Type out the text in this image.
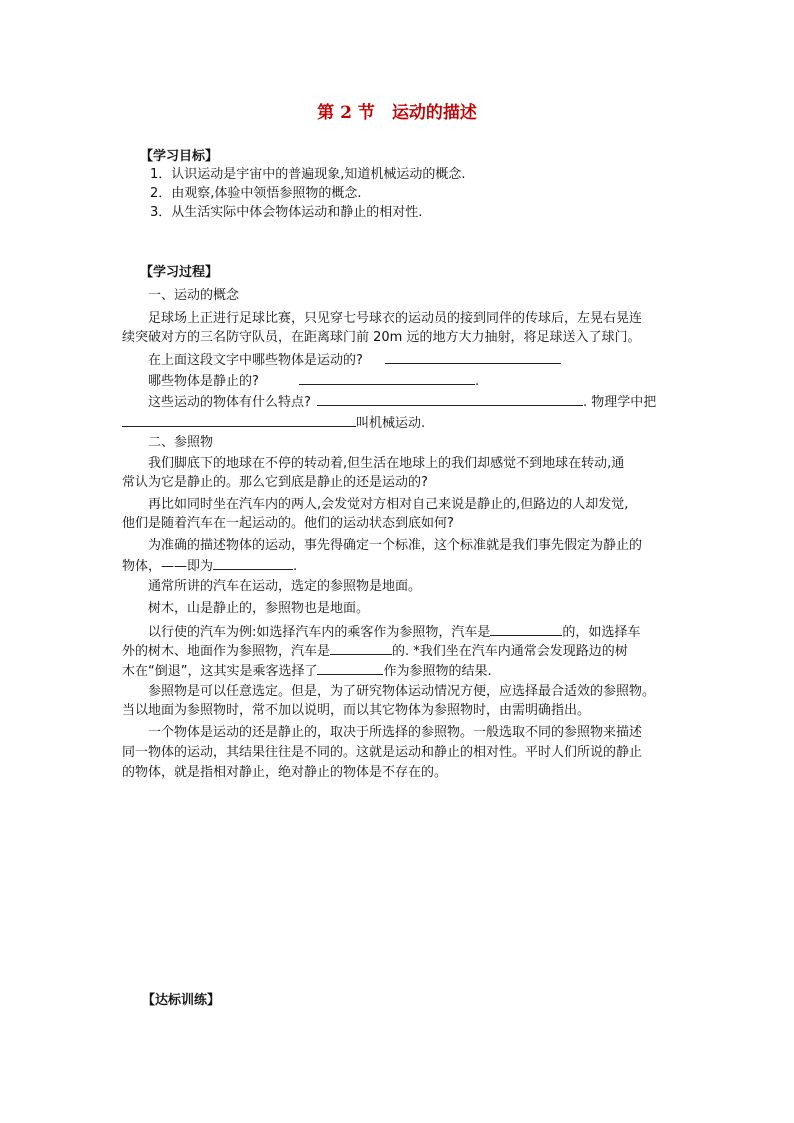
第 2 节　运动的描述
【学习目标】
1．认识运动是宇宙中的普遍现象,知道机械运动的概念.
2．由观察,体验中领悟参照物的概念.
3．从生活实际中体会物体运动和静止的相对性.
【学习过程】
一、运动的概念
足球场上正进行足球比赛，只见穿七号球衣的运动员的接到同伴的传球后，左晃右晃连
续突破对方的三名防守队员，在距离球门前 20m 远的地方大力抽射，将足球送入了球门。
在上面这段文字中哪些物体是运动的?
哪些物体是静止的?	.
这些运动的物体有什么特点?	. 物理学中把
叫机械运动.
二、参照物
我们脚底下的地球在不停的转动着,但生活在地球上的我们却感觉不到地球在转动,通
常认为它是静止的。那么它到底是静止的还是运动的?
再比如同时坐在汽车内的两人,会发觉对方相对自己来说是静止的,但路边的人却发觉,
他们是随着汽车在一起运动的。他们的运动状态到底如何?
为准确的描述物体的运动，事先得确定一个标准，这个标准就是我们事先假定为静止的
物体，——即为	.
通常所讲的汽车在运动，选定的参照物是地面。
树木，山是静止的，参照物也是地面。
以行使的汽车为例:如选择汽车内的乘客作为参照物，汽车是	的，如选择车
外的树木、地面作为参照物，汽车是	的. *我们坐在汽车内通常会发现路边的树
木在“倒退”，这其实是乘客选择了	作为参照物的结果.
参照物是可以任意选定。但是，为了研究物体运动情况方便，应选择最合适效的参照物。
当以地面为参照物时，常不加以说明，而以其它物体为参照物时，由需明确指出。
一个物体是运动的还是静止的，取决于所选择的参照物。一般选取不同的参照物来描述
同一物体的运动，其结果往往是不同的。这就是运动和静止的相对性。平时人们所说的静止
的物体，就是指相对静止，绝对静止的物体是不存在的。
【达标训练】
